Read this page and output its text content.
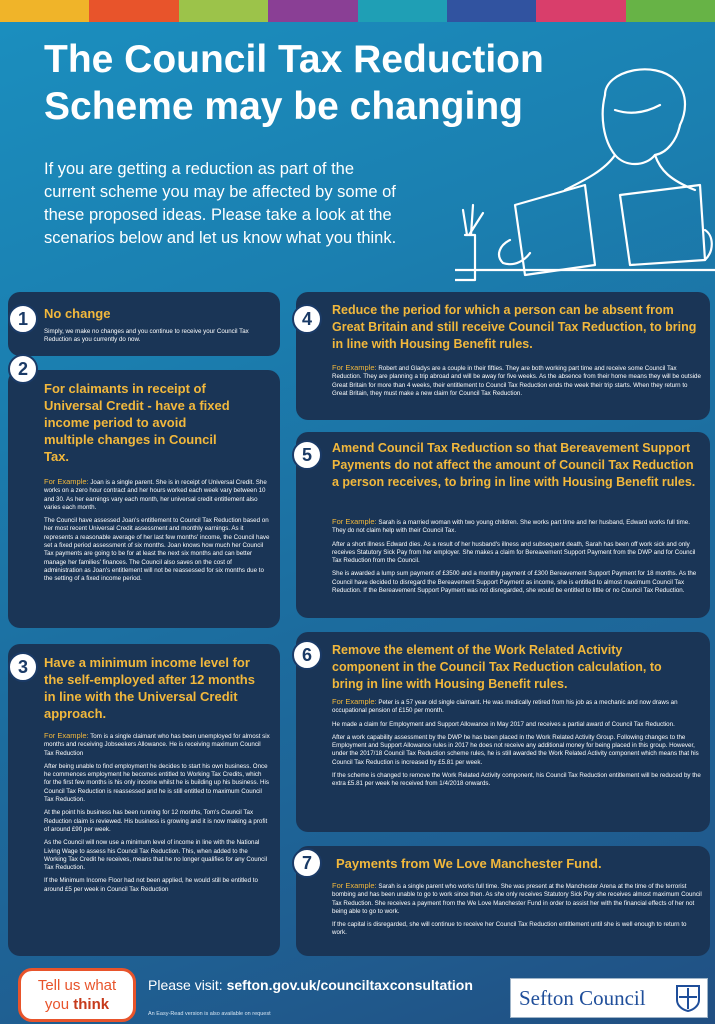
The Council Tax Reduction
Scheme may be changing
If you are getting a reduction as part of the current scheme you may be affected by some of these proposed ideas. Please take a look at the scenarios below and let us know what you think.
No change

Simply, we make no changes and you continue to receive your Council Tax Reduction as you currently do now.

1
For claimants in receipt of Universal Credit - have a fixed income period to avoid multiple changes in Council Tax.

For Example: Joan is a single parent. She is in receipt of Universal Credit. She works on a zero hour contract and her hours worked each week vary between 10 and 30. As her earnings vary each month, her universal credit entitlement also varies each month.

The Council have assessed Joan's entitlement to Council Tax Reduction based on her most recent Universal Credit assessment and monthly earnings. As it represents a reasonable average of her last few months' income, the Council have set a fixed period assessment of six months. Joan knows how much her Council Tax payments are going to be for at least the next six months and can better manage her families' finances. The Council also saves on the cost of administration as Joan's entitlement will not be reassessed for six months due to the setting of a fixed income period.

2
Have a minimum income level for the self-employed after 12 months in line with the Universal Credit approach.

For Example: Tom is a single claimant who has been unemployed for almost six months and receiving Jobseekers Allowance. He is receiving maximum Council Tax Reduction

After being unable to find employment he decides to start his own business. Once he commences employment he becomes entitled to Working Tax Credits, which for the first few months is his only income whilst he is building up his business. His Council Tax Reduction is reassessed and he is still entitled to maximum Council Tax Reduction.

At the point his business has been running for 12 months, Tom's Council Tax Reduction claim is reviewed. His business is growing and it is now making a profit of around £90 per week.

As the Council will now use a minimum level of income in line with the National Living Wage to assess his Council Tax Reduction. This, when added to the Working Tax Credit he receives, means that he no longer qualifies for any Council Tax Reduction.

If the Minimum Income Floor had not been applied, he would still be entitled to around £5 per week in Council Tax Reduction

3
Reduce the period for which a person can be absent from Great Britain and still receive Council Tax Reduction, to bring in line with Housing Benefit rules.

For Example: Robert and Gladys are a couple in their fifties. They are both working part time and receive some Council Tax Reduction. They are planning a trip abroad and will be away for five weeks. As the absence from their home means they will be outside Great Britain for more than 4 weeks, their entitlement to Council Tax Reduction ends the week their trip starts. When they return to Great Britain, they must make a new claim for Council Tax Reduction.

4
Amend Council Tax Reduction so that Bereavement Support Payments do not affect the amount of Council Tax Reduction a person receives, to bring in line with Housing Benefit rules.

For Example: Sarah is a married woman with two young children. She works part time and her husband, Edward works full time. They do not claim help with their Council Tax.

After a short illness Edward dies. As a result of her husband's illness and subsequent death, Sarah has been off work sick and only receives Statutory Sick Pay from her employer. She makes a claim for Bereavement Support Payment from the DWP and for Council Tax Reduction from the Council.

She is awarded a lump sum payment of £3500 and a monthly payment of £300 Bereavement Support Payment for 18 months. As the Council have decided to disregard the Bereavement Support Payment as income, she is entitled to almost maximum Council Tax Reduction. If the Bereavement Support Payment was not disregarded, she would be entitled to little or no Council Tax Reduction.

5
Remove the element of the Work Related Activity component in the Council Tax Reduction calculation, to bring in line with Housing Benefit rules.

For Example: Peter is a 57 year old single claimant. He was medically retired from his job as a mechanic and now draws an occupational pension of £150 per month.

He made a claim for Employment and Support Allowance in May 2017 and receives a partial award of Council Tax Reduction.

After a work capability assessment by the DWP he has been placed in the Work Related Activity Group. Following changes to the Employment and Support Allowance rules in 2017 he does not receive any additional money for being placed in this group. However, under the 2017/18 Council Tax Reduction scheme rules, he is still awarded the Work Related Activity component which means that his Council Tax Reduction is increased by £5.81 per week.

If the scheme is changed to remove the Work Related Activity component, his Council Tax Reduction entitlement will be reduced by the extra £5.81 per week he received from 1/4/2018 onwards.

6
Payments from We Love Manchester Fund.

For Example: Sarah is a single parent who works full time. She was present at the Manchester Arena at the time of the terrorist bombing and has been unable to go to work since then. As she only receives Statutory Sick Pay she receives almost maximum Council Tax Reduction. She receives a payment from the We Love Manchester Fund in order to assist her with the financial effects of her not being able to go to work.

If the capital is disregarded, she will continue to receive her Council Tax Reduction entitlement until she is well enough to return to work.

7
Tell us what
you think
Please visit: sefton.gov.uk/counciltaxconsultation
An Easy-Read version is also available on request
Sefton Council
